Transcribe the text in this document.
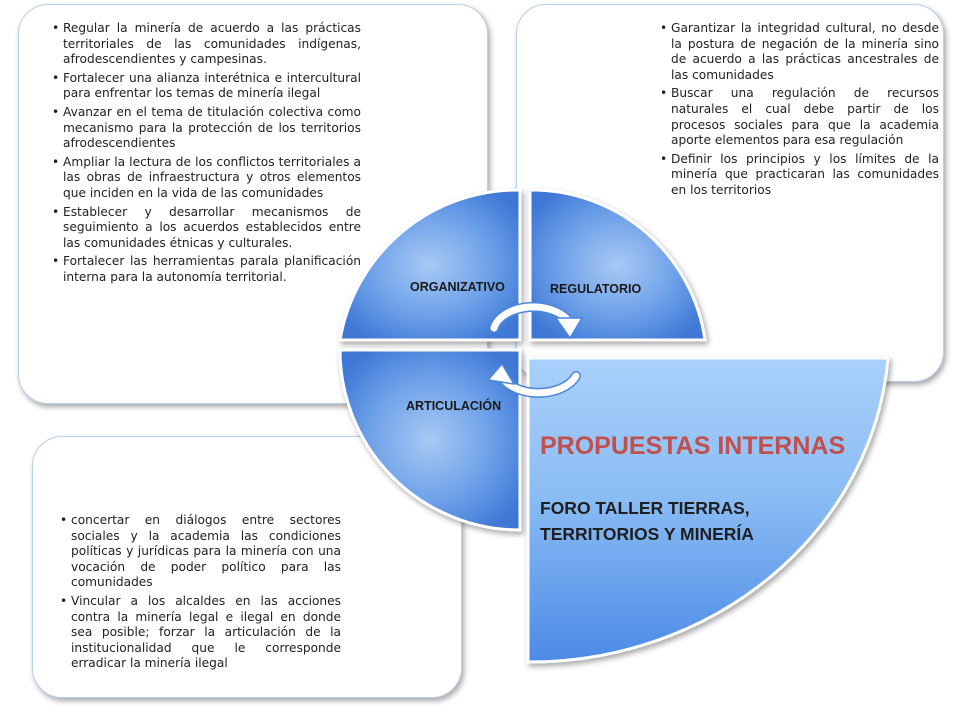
• Regular la minería de acuerdo a las prácticas territoriales de las comunidades indígenas, afrodescendientes y campesinas.
• Fortalecer una alianza interétnica e intercultural para enfrentar los temas de minería ilegal
• Avanzar en el tema de titulación colectiva como mecanismo para la protección de los territorios afrodescendientes
• Ampliar la lectura de los conflictos territoriales a las obras de infraestructura y otros elementos que inciden en la vida de las comunidades
• Establecer y desarrollar mecanismos de seguimiento a los acuerdos establecidos entre las comunidades étnicas y culturales.
• Fortalecer las herramientas parala planificación interna para la autonomía territorial.
• Garantizar la integridad cultural, no desde la postura de negación de la minería sino de acuerdo a las prácticas ancestrales de las comunidades
• Buscar una regulación de recursos naturales el cual debe partir de los procesos sociales para que la academia aporte elementos para esa regulación
• Definir los principios y los límites de la minería que practicaran las comunidades en los territorios
• concertar en diálogos entre sectores sociales y la academia las condiciones políticas y jurídicas para la minería con una vocación de poder político para las comunidades
• Vincular a los alcaldes en las acciones contra la minería legal e ilegal en donde sea posible; forzar la articulación de la institucionalidad que le corresponde erradicar la minería ilegal
ORGANIZATIVO	REGULATORIO
ARTICULACIÓN
PROPUESTAS INTERNAS
FORO TALLER TIERRAS,
TERRITORIOS Y MINERÍA
